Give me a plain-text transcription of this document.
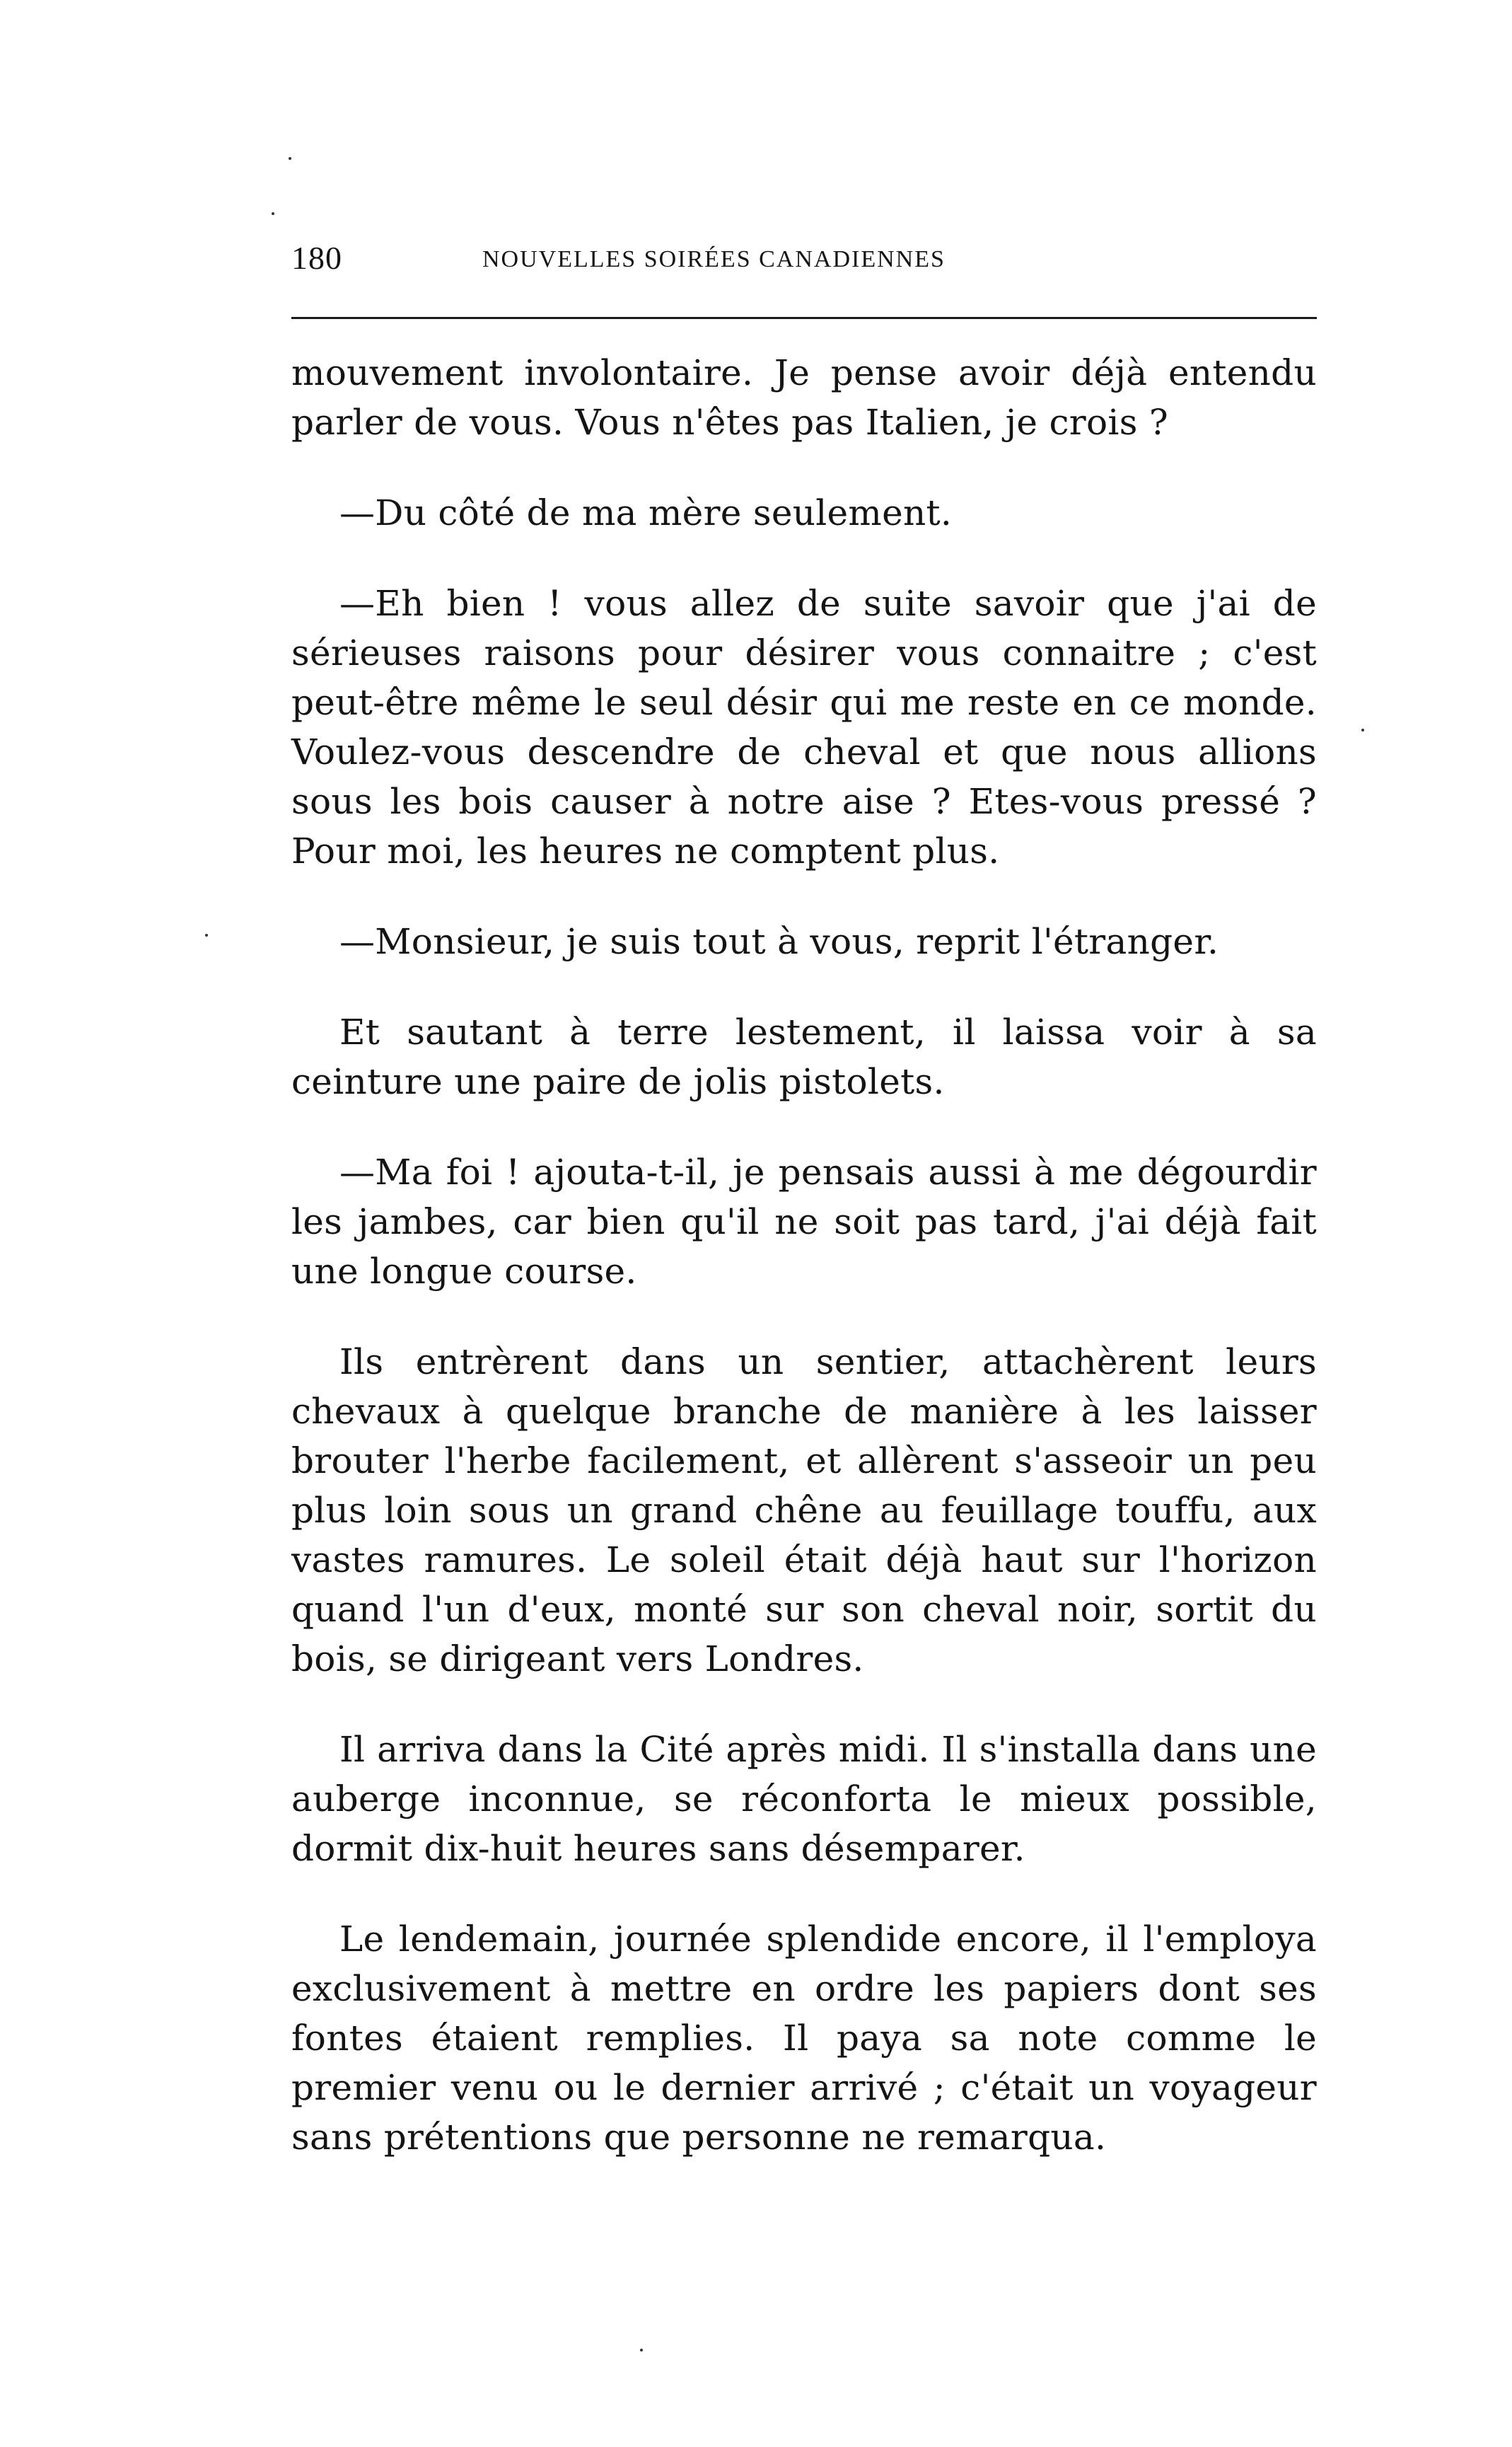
180	NOUVELLES SOIRÉES CANADIENNES

mouvement involontaire. Je pense avoir déjà entendu parler de vous. Vous n'êtes pas Italien, je crois ?

—Du côté de ma mère seulement.

—Eh bien ! vous allez de suite savoir que j'ai de sérieuses raisons pour désirer vous connaitre ; c'est peut-être même le seul désir qui me reste en ce monde. Voulez-vous descendre de cheval et que nous allions sous les bois causer à notre aise ? Etes-vous pressé ? Pour moi, les heures ne comptent plus.

—Monsieur, je suis tout à vous, reprit l'étranger.

Et sautant à terre lestement, il laissa voir à sa ceinture une paire de jolis pistolets.

—Ma foi ! ajouta-t-il, je pensais aussi à me dégourdir les jambes, car bien qu'il ne soit pas tard, j'ai déjà fait une longue course.

Ils entrèrent dans un sentier, attachèrent leurs chevaux à quelque branche de manière à les laisser brouter l'herbe facilement, et allèrent s'asseoir un peu plus loin sous un grand chêne au feuillage touffu, aux vastes ramures. Le soleil était déjà haut sur l'horizon quand l'un d'eux, monté sur son cheval noir, sortit du bois, se dirigeant vers Londres.

Il arriva dans la Cité après midi. Il s'installa dans une auberge inconnue, se réconforta le mieux possible, dormit dix-huit heures sans désemparer.

Le lendemain, journée splendide encore, il l'employa exclusivement à mettre en ordre les papiers dont ses fontes étaient remplies. Il paya sa note comme le premier venu ou le dernier arrivé ; c'était un voyageur sans prétentions que personne ne remarqua.
